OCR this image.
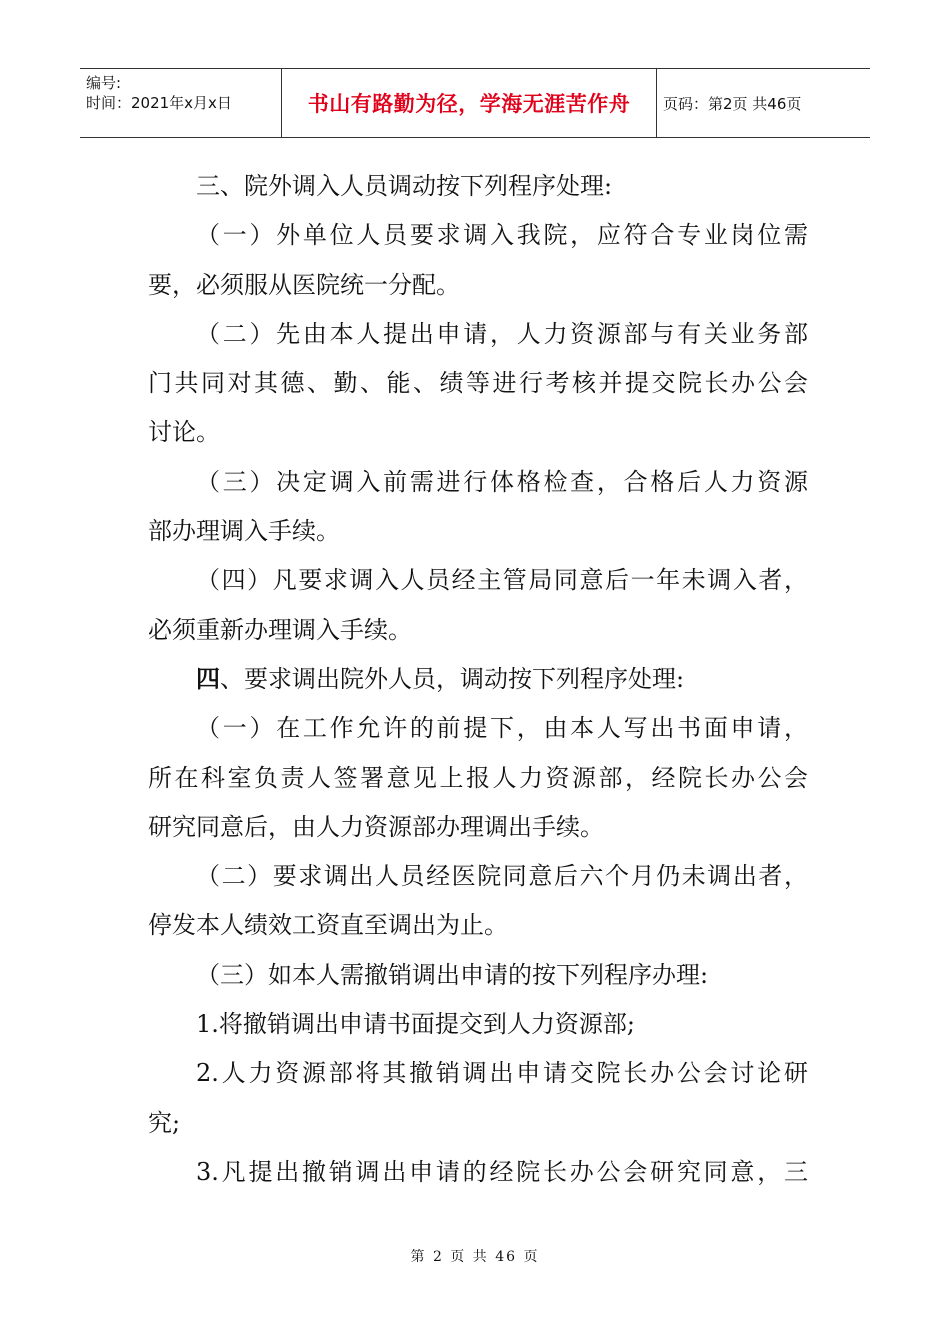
编号:
时间：2021年x月x日	书山有路勤为径，学海无涯苦作舟 页码：第2页 共46页
三、院外调入人员调动按下列程序处理:
（一）外单位人员要求调入我院，应符合专业岗位需
要，必须服从医院统一分配。
（二）先由本人提出申请，人力资源部与有关业务部
门共同对其德、勤、能、绩等进行考核并提交院长办公会
讨论。
（三）决定调入前需进行体格检查，合格后人力资源
部办理调入手续。
（四）凡要求调入人员经主管局同意后一年未调入者，
必须重新办理调入手续。
四、要求调出院外人员，调动按下列程序处理:
（一）在工作允许的前提下，由本人写出书面申请，
所在科室负责人签署意见上报人力资源部，经院长办公会
研究同意后，由人力资源部办理调出手续。
（二）要求调出人员经医院同意后六个月仍未调出者，
停发本人绩效工资直至调出为止。
（三）如本人需撤销调出申请的按下列程序办理:
1.将撤销调出申请书面提交到人力资源部;
2.人力资源部将其撤销调出申请交院长办公会讨论研
究;
3.凡提出撤销调出申请的经院长办公会研究同意，三
第 2 页 共 46 页
